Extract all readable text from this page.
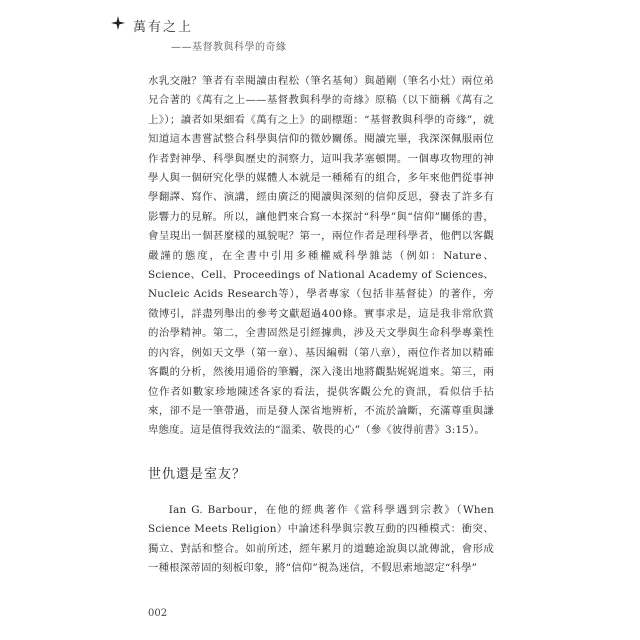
萬有之上
——基督教與科學的奇緣

水乳交融？筆者有幸閱讀由程松（筆名基甸）與趙剛（筆名小灶）兩位弟兄合著的《萬有之上——基督教與科學的奇緣》原稿（以下簡稱《萬有之上》）；讀者如果細看《萬有之上》的副標題：“基督教與科學的奇緣”，就知道這本書嘗試整合科學與信仰的微妙關係。閱讀完畢，我深深佩服兩位作者對神學、科學與歷史的洞察力，這叫我茅塞頓開。一個專攻物理的神學人與一個研究化學的媒體人本就是一種稀有的組合，多年來他們從事神學翻譯、寫作、演講，經由廣泛的閱讀與深刻的信仰反思，發表了許多有影響力的見解。所以，讓他們來合寫一本探討“科學”與“信仰”關係的書，會呈現出一個甚麼樣的風貌呢？第一，兩位作者是理科學者，他們以客觀嚴謹的態度，在全書中引用多種權威科學雜誌（例如：Nature、Science、Cell、Proceedings of National Academy of Sciences、Nucleic Acids Research等），學者專家（包括非基督徒）的著作，旁徵博引，詳盡列舉出的參考文獻超過400條。實事求是，這是我非常欣賞的治學精神。第二，全書固然是引經據典，涉及天文學與生命科學專業性的內容，例如天文學（第一章）、基因編輯（第八章），兩位作者加以精確客觀的分析，然後用通俗的筆觸，深入淺出地將觀點娓娓道來。第三，兩位作者如數家珍地陳述各家的看法，提供客觀公允的資訊，看似信手拈來，卻不是一筆帶過，而是發人深省地辨析，不流於論斷，充滿尊重與謙卑態度。這是值得我效法的“溫柔、敬畏的心”（參《彼得前書》3:15）。

世仇還是室友？

Ian G. Barbour，在他的經典著作《當科學遇到宗教》（When Science Meets Religion）中論述科學與宗教互動的四種模式：衝突、獨立、對話和整合。如前所述，經年累月的道聽途說與以訛傳訛，會形成一種根深蒂固的刻板印象，將“信仰”視為迷信，不假思索地認定“科學”

002
